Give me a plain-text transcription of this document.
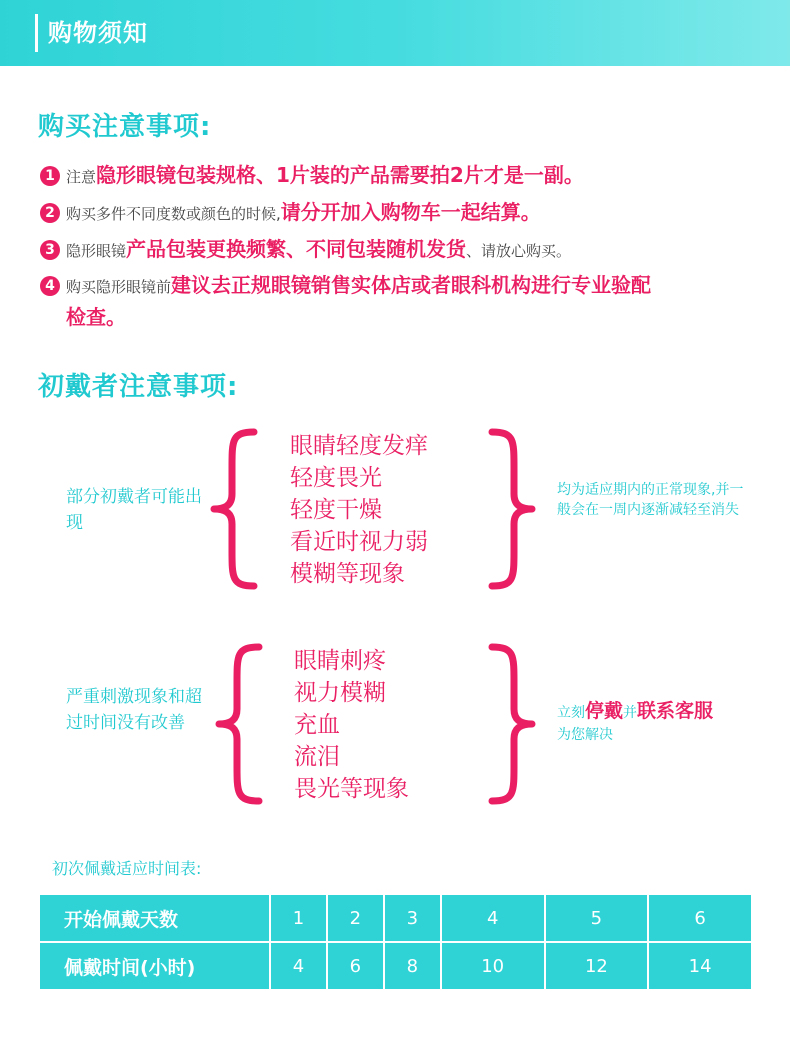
购物须知
购买注意事项:
1 注意隐形眼镜包装规格、1片装的产品需要拍2片才是一副。
2 购买多件不同度数或颜色的时候,请分开加入购物车一起结算。
3 隐形眼镜产品包装更换频繁、不同包装随机发货、请放心购买。
4 购买隐形眼镜前建议去正规眼镜销售实体店或者眼科机构进行专业验配
检查。
初戴者注意事项:
部分初戴者可能出现
眼睛轻度发痒
轻度畏光
轻度干燥
看近时视力弱
模糊等现象
均为适应期内的正常现象,并一般会在一周内逐渐减轻至消失
严重刺激现象和超过时间没有改善
眼睛刺疼
视力模糊
充血
流泪
畏光等现象
立刻停戴并联系客服
为您解决
初次佩戴适应时间表:
开始佩戴天数	1	2	3	4	5	6
佩戴时间(小时)	4	6	8	10	12	14
